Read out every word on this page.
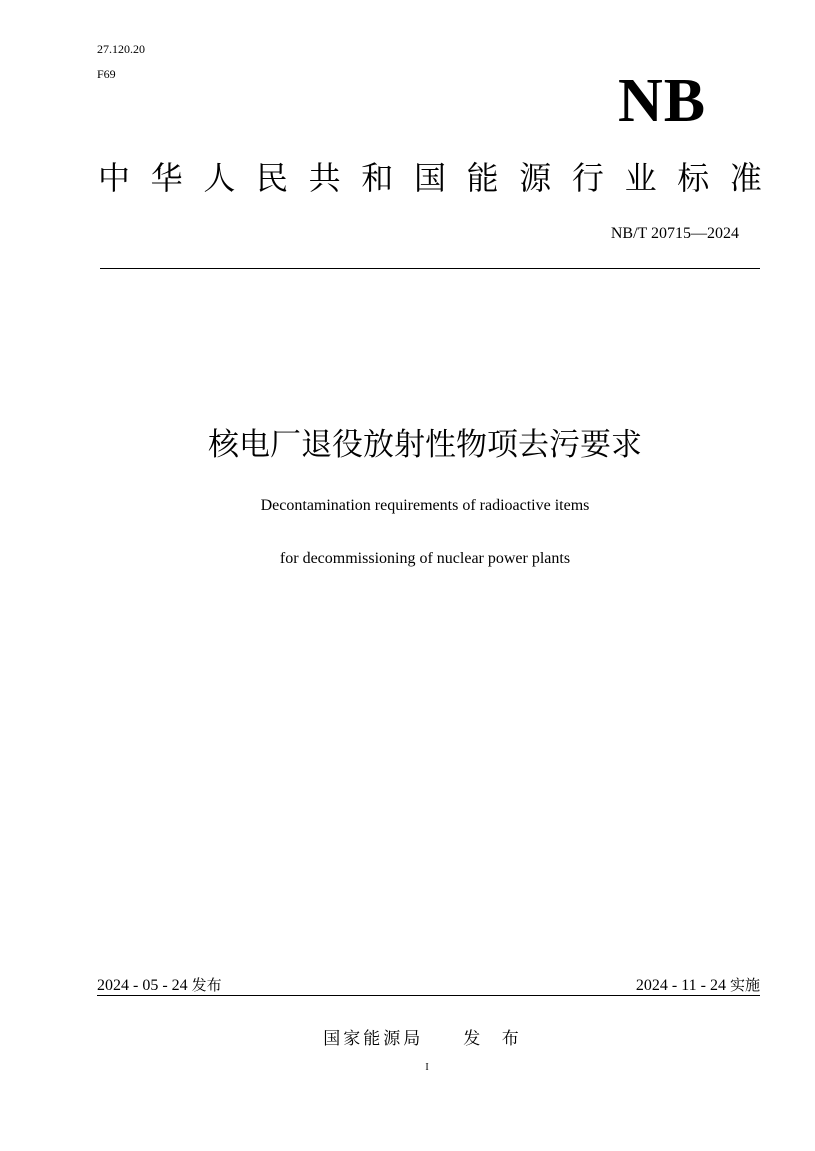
27.120.20
F69	NB
中 华 人 民 共 和 国 能 源 行 业 标 准
NB/T 20715—2024
核电厂退役放射性物项去污要求
Decontamination requirements of radioactive items
for decommissioning of nuclear power plants
2024 - 05 - 24 发布	2024 - 11 - 24 实施
国家能源局 发 布
I
